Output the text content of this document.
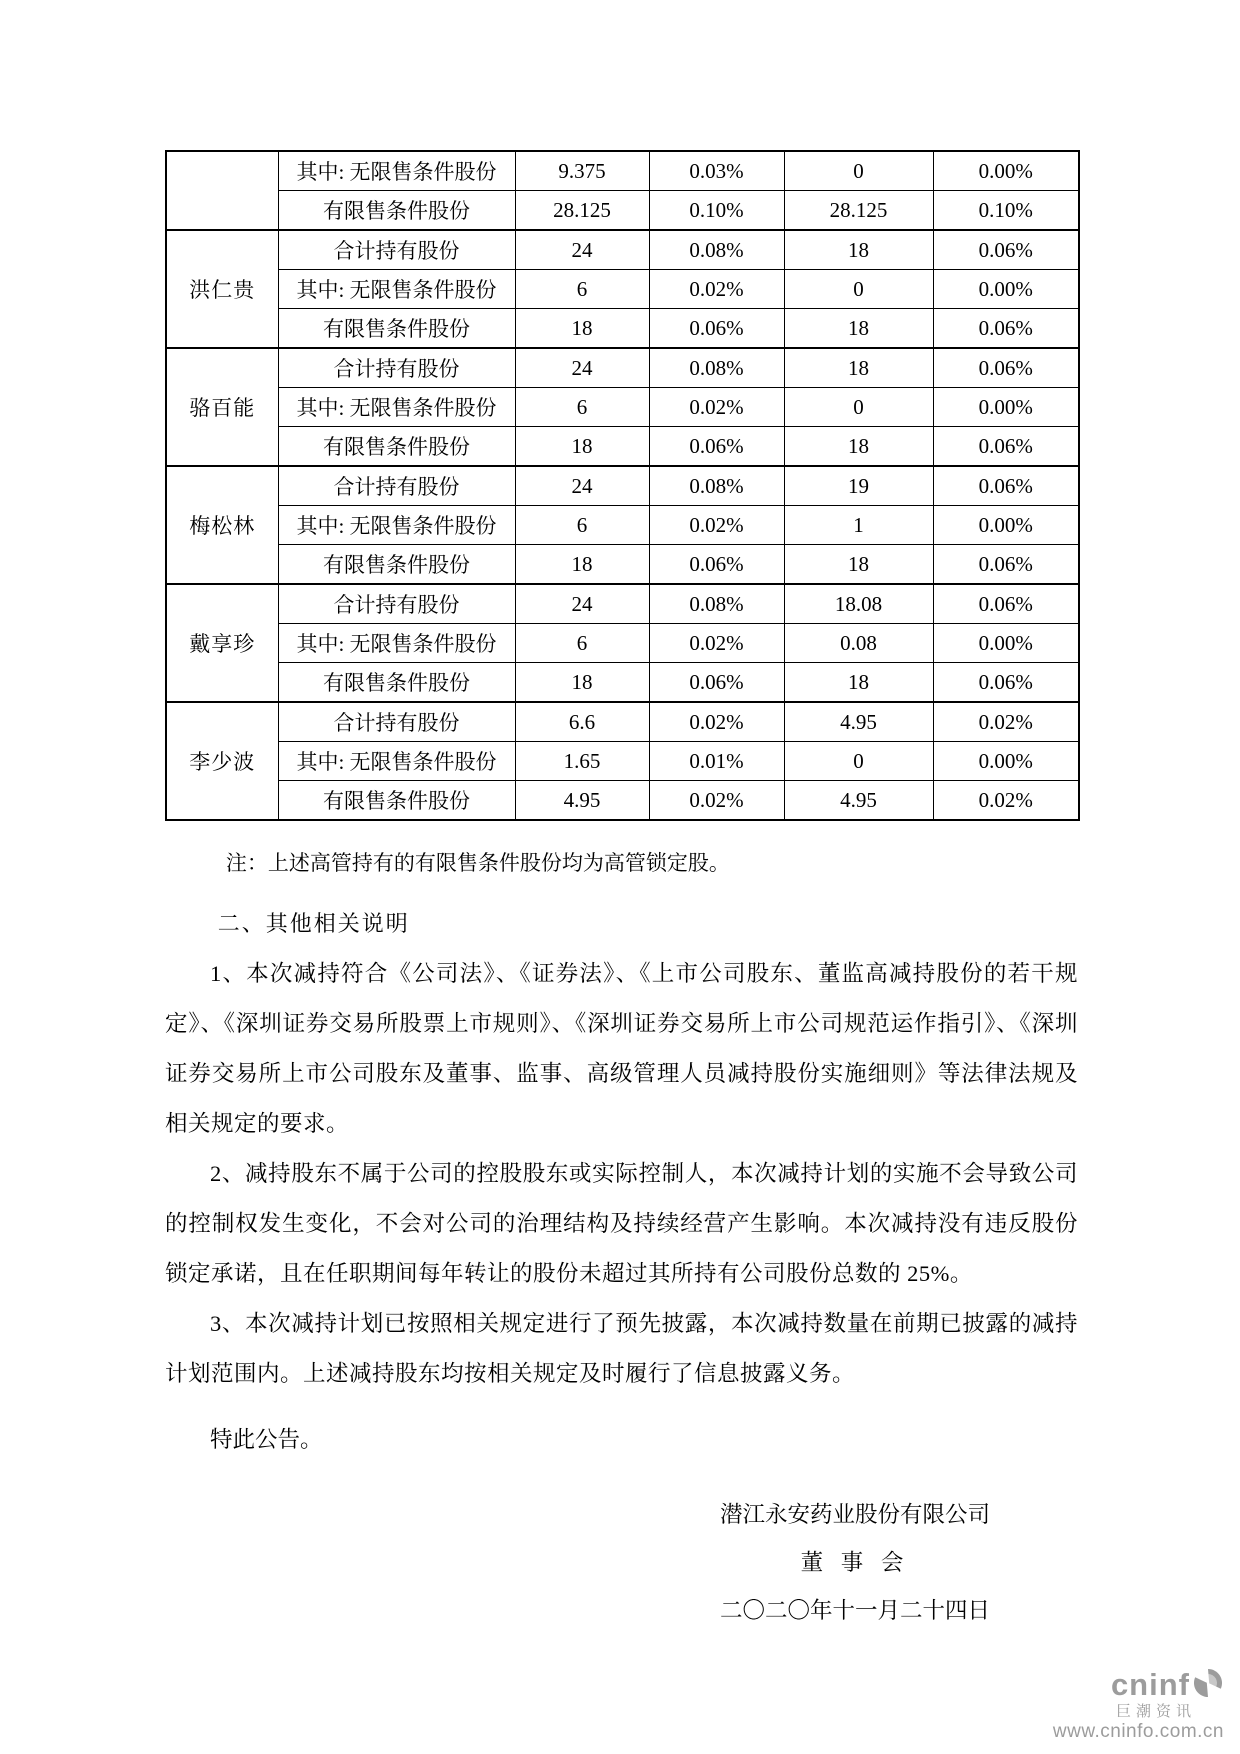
	其中: 无限售条件股份	9.375	0.03%	0	0.00%
	有限售条件股份	28.125	0.10%	28.125	0.10%
洪仁贵	合计持有股份	24	0.08%	18	0.06%
	其中: 无限售条件股份	6	0.02%	0	0.00%
	有限售条件股份	18	0.06%	18	0.06%
骆百能	合计持有股份	24	0.08%	18	0.06%
	其中: 无限售条件股份	6	0.02%	0	0.00%
	有限售条件股份	18	0.06%	18	0.06%
梅松林	合计持有股份	24	0.08%	19	0.06%
	其中: 无限售条件股份	6	0.02%	1	0.00%
	有限售条件股份	18	0.06%	18	0.06%
戴享珍	合计持有股份	24	0.08%	18.08	0.06%
	其中: 无限售条件股份	6	0.02%	0.08	0.00%
	有限售条件股份	18	0.06%	18	0.06%
李少波	合计持有股份	6.6	0.02%	4.95	0.02%
	其中: 无限售条件股份	1.65	0.01%	0	0.00%
	有限售条件股份	4.95	0.02%	4.95	0.02%
注：上述高管持有的有限售条件股份均为高管锁定股。
二、其他相关说明

1、本次减持符合《公司法》、《证券法》、《上市公司股东、董监高减持股份的若干规定》、《深圳证券交易所股票上市规则》、《深圳证券交易所上市公司规范运作指引》、《深圳证券交易所上市公司股东及董事、监事、高级管理人员减持股份实施细则》等法律法规及相关规定的要求。

2、减持股东不属于公司的控股股东或实际控制人，本次减持计划的实施不会导致公司的控制权发生变化，不会对公司的治理结构及持续经营产生影响。本次减持没有违反股份锁定承诺，且在任职期间每年转让的股份未超过其所持有公司股份总数的 25%。

3、本次减持计划已按照相关规定进行了预先披露，本次减持数量在前期已披露的减持计划范围内。上述减持股东均按相关规定及时履行了信息披露义务。

特此公告。
潜江永安药业股份有限公司
董 事 会
二〇二〇年十一月二十四日
cninf
巨潮资讯
www.cninfo.com.cn
